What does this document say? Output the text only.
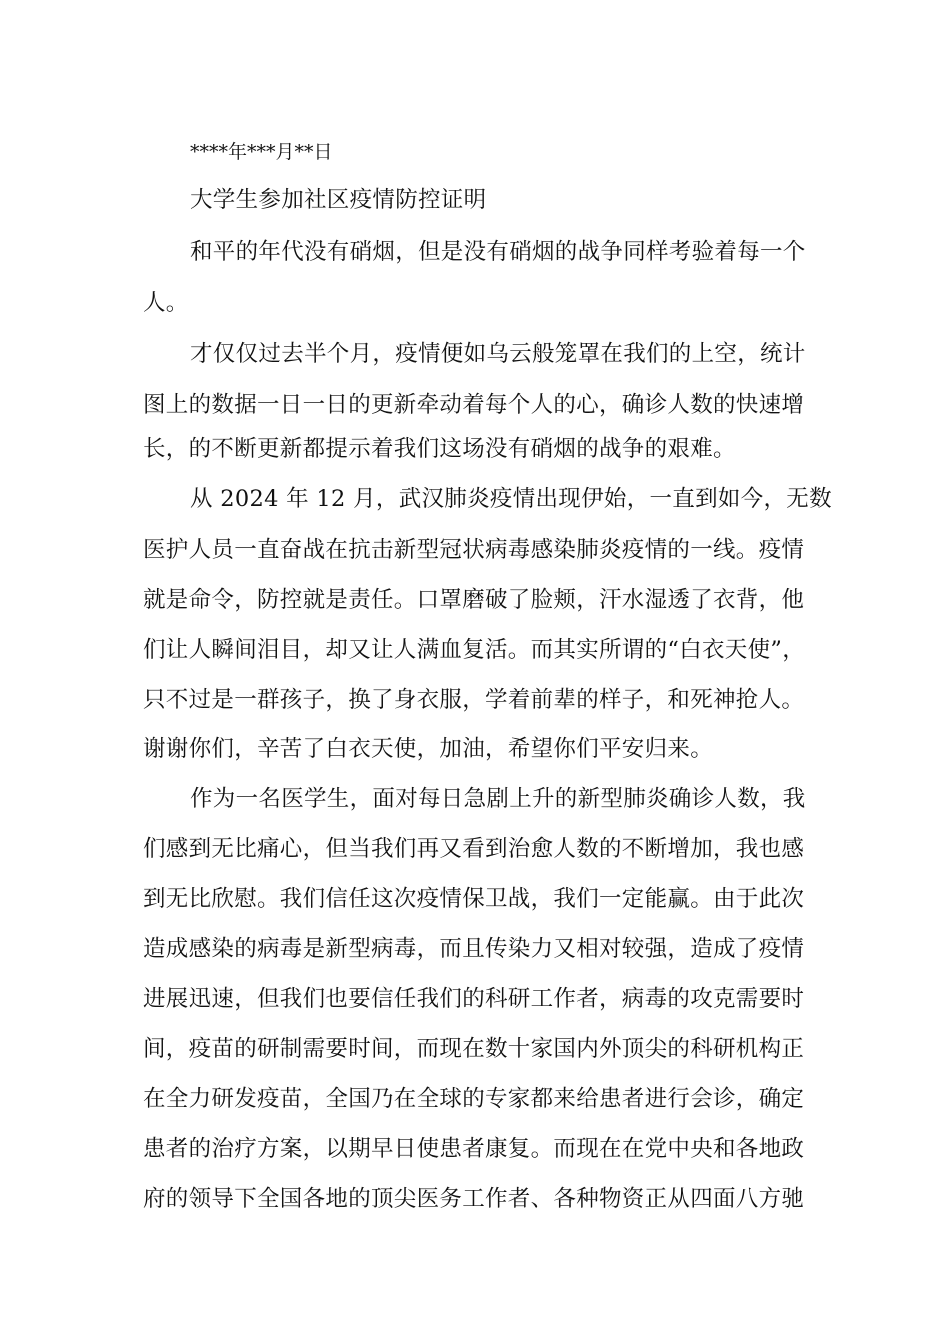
****年***月**日
大学生参加社区疫情防控证明
和平的年代没有硝烟，但是没有硝烟的战争同样考验着每一个
人。
才仅仅过去半个月，疫情便如乌云般笼罩在我们的上空，统计
图上的数据一日一日的更新牵动着每个人的心，确诊人数的快速增
长，的不断更新都提示着我们这场没有硝烟的战争的艰难。
从 2024 年 12 月，武汉肺炎疫情出现伊始，一直到如今，无数
医护人员一直奋战在抗击新型冠状病毒感染肺炎疫情的一线。疫情
就是命令，防控就是责任。口罩磨破了脸颊，汗水湿透了衣背，他
们让人瞬间泪目，却又让人满血复活。而其实所谓的“白衣天使”，
只不过是一群孩子，换了身衣服，学着前辈的样子，和死神抢人。
谢谢你们，辛苦了白衣天使，加油，希望你们平安归来。
作为一名医学生，面对每日急剧上升的新型肺炎确诊人数，我
们感到无比痛心，但当我们再又看到治愈人数的不断增加，我也感
到无比欣慰。我们信任这次疫情保卫战，我们一定能赢。由于此次
造成感染的病毒是新型病毒，而且传染力又相对较强，造成了疫情
进展迅速，但我们也要信任我们的科研工作者，病毒的攻克需要时
间，疫苗的研制需要时间，而现在数十家国内外顶尖的科研机构正
在全力研发疫苗，全国乃在全球的专家都来给患者进行会诊，确定
患者的治疗方案，以期早日使患者康复。而现在在党中央和各地政
府的领导下全国各地的顶尖医务工作者、各种物资正从四面八方驰
